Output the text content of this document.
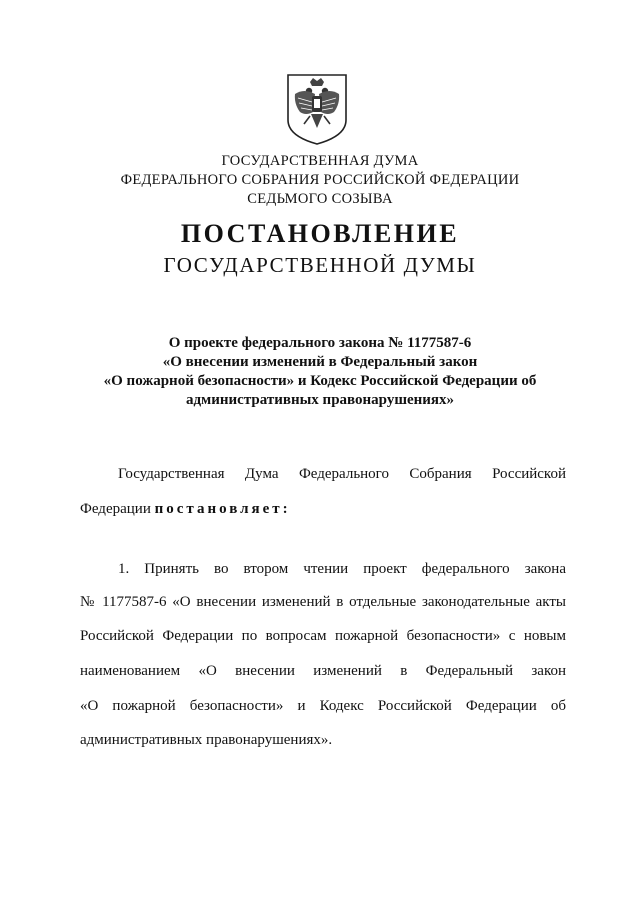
ГОСУДАРСТВЕННАЯ ДУМА
ФЕДЕРАЛЬНОГО СОБРАНИЯ РОССИЙСКОЙ ФЕДЕРАЦИИ
СЕДЬМОГО СОЗЫВА
ПОСТАНОВЛЕНИЕ
ГОСУДАРСТВЕННОЙ ДУМЫ
О проекте федерального закона № 1177587-6
«О внесении изменений в Федеральный закон
«О пожарной безопасности» и Кодекс Российской Федерации об
административных правонарушениях»
Государственная Дума Федерального Собрания Российской
Федерации постановляет:
1. Принять во втором чтении проект федерального закона
№ 1177587-6 «О внесении изменений в отдельные законодательные акты
Российской Федерации по вопросам пожарной безопасности» с новым
наименованием «О внесении изменений в Федеральный закон
«О пожарной безопасности» и Кодекс Российской Федерации об
административных правонарушениях».
